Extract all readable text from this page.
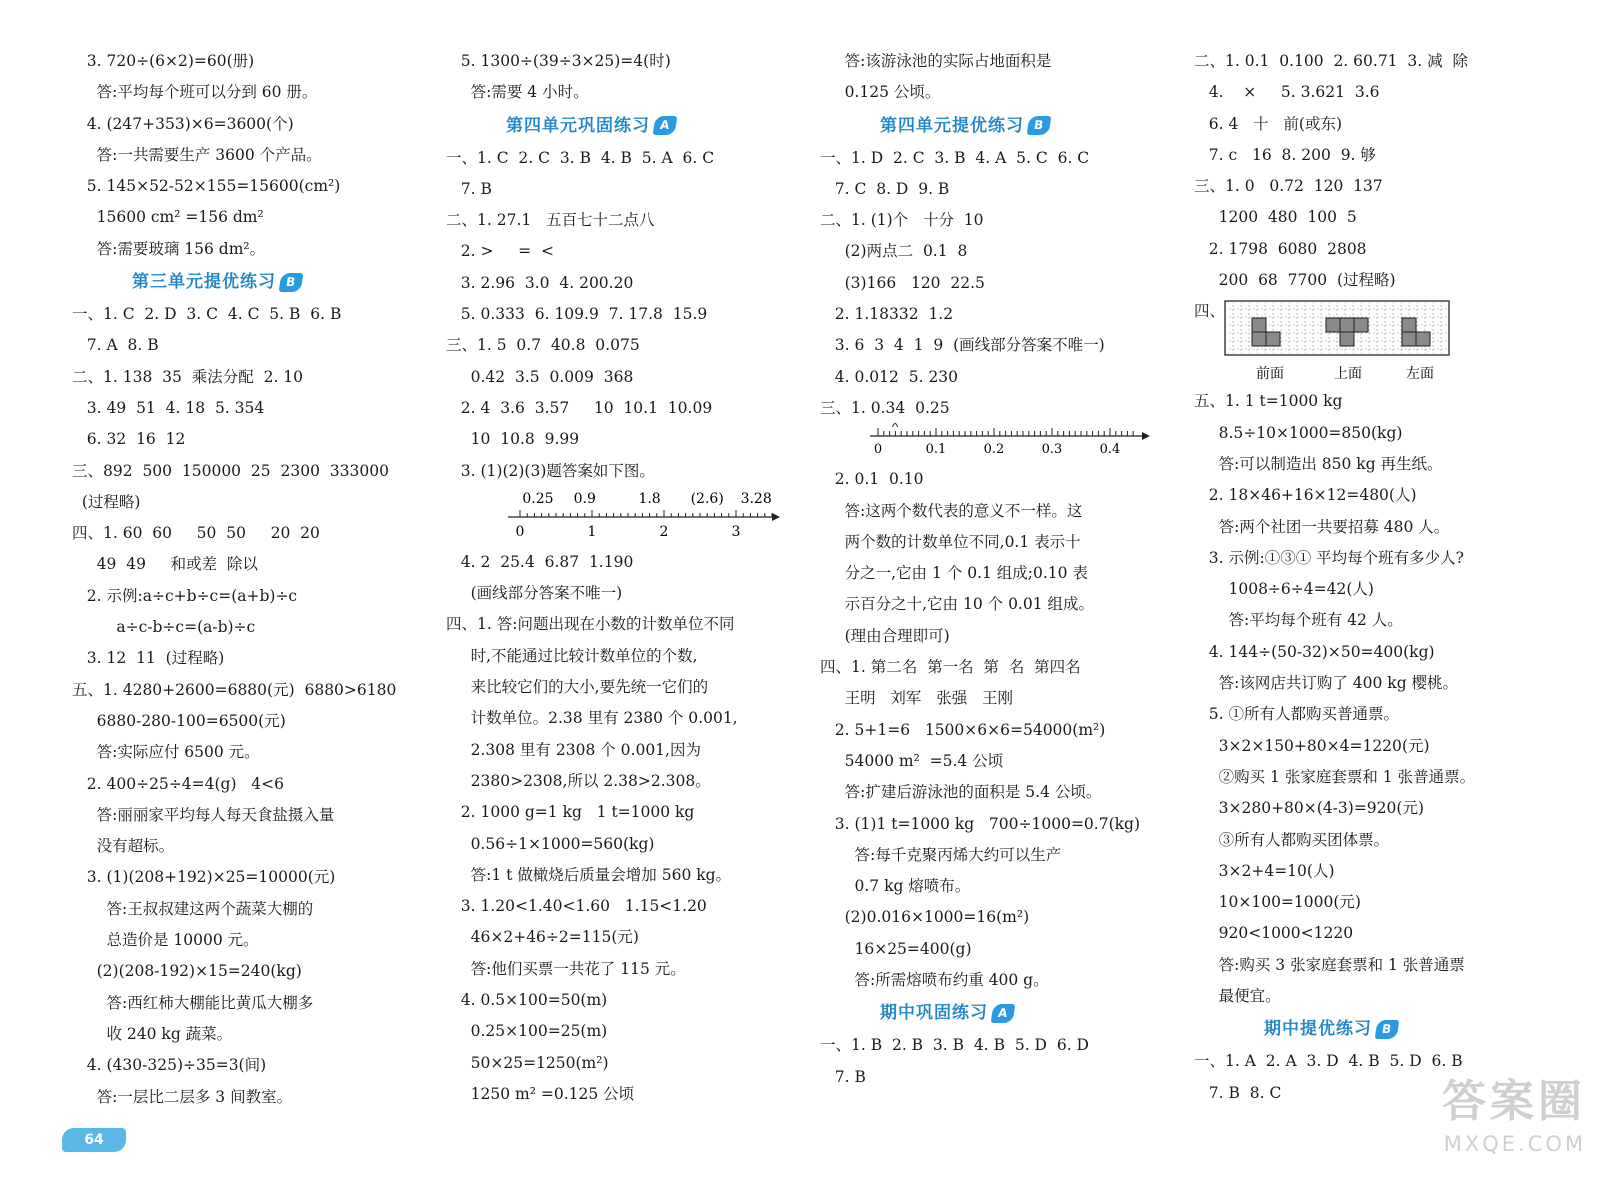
3. 720÷(6×2)=60(册)
答:平均每个班可以分到 60 册。
4. (247+353)×6=3600(个)
答:一共需要生产 3600 个产品。
5. 145×52-52×155=15600(cm²)
15600 cm² =156 dm²
答:需要玻璃 156 dm²。
第三单元提优练习 B
一、1. C  2. D  3. C  4. C  5. B  6. B
7. A  8. B
二、1. 138  35  乘法分配  2. 10
3. 49  51  4. 18  5. 354
6. 32  16  12
三、892  500  150000  25  2300  333000
(过程略)
四、1. 60  60     50  50     20  20
49  49     和或差  除以
2. 示例:a÷c+b÷c=(a+b)÷c
a÷c-b÷c=(a-b)÷c
3. 12  11  (过程略)
五、1. 4280+2600=6880(元)  6880>6180
6880-280-100=6500(元)
答:实际应付 6500 元。
2. 400÷25÷4=4(g)   4<6
答:丽丽家平均每人每天食盐摄入量
没有超标。
3. (1)(208+192)×25=10000(元)
答:王叔叔建这两个蔬菜大棚的
总造价是 10000 元。
(2)(208-192)×15=240(kg)
答:西红柿大棚能比黄瓜大棚多
收 240 kg 蔬菜。
4. (430-325)÷35=3(间)
答:一层比二层多 3 间教室。
5. 1300÷(39÷3×25)=4(时)
答:需要 4 小时。
第四单元巩固练习 A
一、1. C  2. C  3. B  4. B  5. A  6. C
7. B
二、1. 27.1   五百七十二点八
2. >     =  <
3. 2.96  3.0  4. 200.20
5. 0.333  6. 109.9  7. 17.8  15.9
三、1. 5  0.7  40.8  0.075
0.42  3.5  0.009  368
2. 4  3.6  3.57     10  10.1  10.09
10  10.8  9.99
3. (1)(2)(3)题答案如下图。
0.25 0.9	1.8 (2.6) 3.28
0	1	2	3
4. 2  25.4  6.87  1.190
(画线部分答案不唯一)
四、1. 答:问题出现在小数的计数单位不同
时,不能通过比较计数单位的个数,
来比较它们的大小,要先统一它们的
计数单位。2.38 里有 2380 个 0.001,
2.308 里有 2308 个 0.001,因为
2380>2308,所以 2.38>2.308。
2. 1000 g=1 kg   1 t=1000 kg
0.56÷1×1000=560(kg)
答:1 t 做橄烧后质量会增加 560 kg。
3. 1.20<1.40<1.60   1.15<1.20
46×2+46÷2=115(元)
答:他们买票一共花了 115 元。
4. 0.5×100=50(m)
0.25×100=25(m)
50×25=1250(m²)
1250 m² =0.125 公顷
答:该游泳池的实际占地面积是
0.125 公顷。
第四单元提优练习 B
一、1. D  2. C  3. B  4. A  5. C  6. C
7. C  8. D  9. B
二、1. (1)个   十分  10
(2)两点二  0.1  8
(3)166   120  22.5
2. 1.18332  1.2
3. 6  3  4  1  9  (画线部分答案不唯一)
4. 0.012  5. 230
三、1. 0.34  0.25
0	0.1	0.2	0.3	0.4
2. 0.1  0.10
答:这两个数代表的意义不一样。这
两个数的计数单位不同,0.1 表示十
分之一,它由 1 个 0.1 组成;0.10 表
示百分之十,它由 10 个 0.01 组成。
(理由合理即可)
四、1. 第二名  第一名  第  名  第四名
王明   刘军   张强   王刚
2. 5+1=6   1500×6×6=54000(m²)
54000 m²  =5.4 公顷
答:扩建后游泳池的面积是 5.4 公顷。
3. (1)1 t=1000 kg   700÷1000=0.7(kg)
答:每千克聚丙烯大约可以生产
0.7 kg 熔喷布。
(2)0.016×1000=16(m²)
16×25=400(g)
答:所需熔喷布约重 400 g。
期中巩固练习 A
一、1. B  2. B  3. B  4. B  5. D  6. D
7. B
二、1. 0.1  0.100  2. 60.71  3. 减  除
4.    ×     5. 3.621  3.6
6. 4   十   前(或东)
7. c   16  8. 200  9. 够
三、1. 0   0.72  120  137
1200  480  100  5
2. 1798  6080  2808
200  68  7700  (过程略)
四、
前面	上面	左面
五、1. 1 t=1000 kg
8.5÷10×1000=850(kg)
答:可以制造出 850 kg 再生纸。
2. 18×46+16×12=480(人)
答:两个社团一共要招募 480 人。
3. 示例:①③① 平均每个班有多少人?
1008÷6÷4=42(人)
答:平均每个班有 42 人。
4. 144÷(50-32)×50=400(kg)
答:该网店共订购了 400 kg 樱桃。
5. ①所有人都购买普通票。
3×2×150+80×4=1220(元)
②购买 1 张家庭套票和 1 张普通票。
3×280+80×(4-3)=920(元)
③所有人都购买团体票。
3×2+4=10(人)
10×100=1000(元)
920<1000<1220
答:购买 3 张家庭套票和 1 张普通票
最便宜。
期中提优练习 B
一、1. A  2. A  3. D  4. B  5. D  6. B
7. B  8. C
64
答案圈
MXQE.COM
